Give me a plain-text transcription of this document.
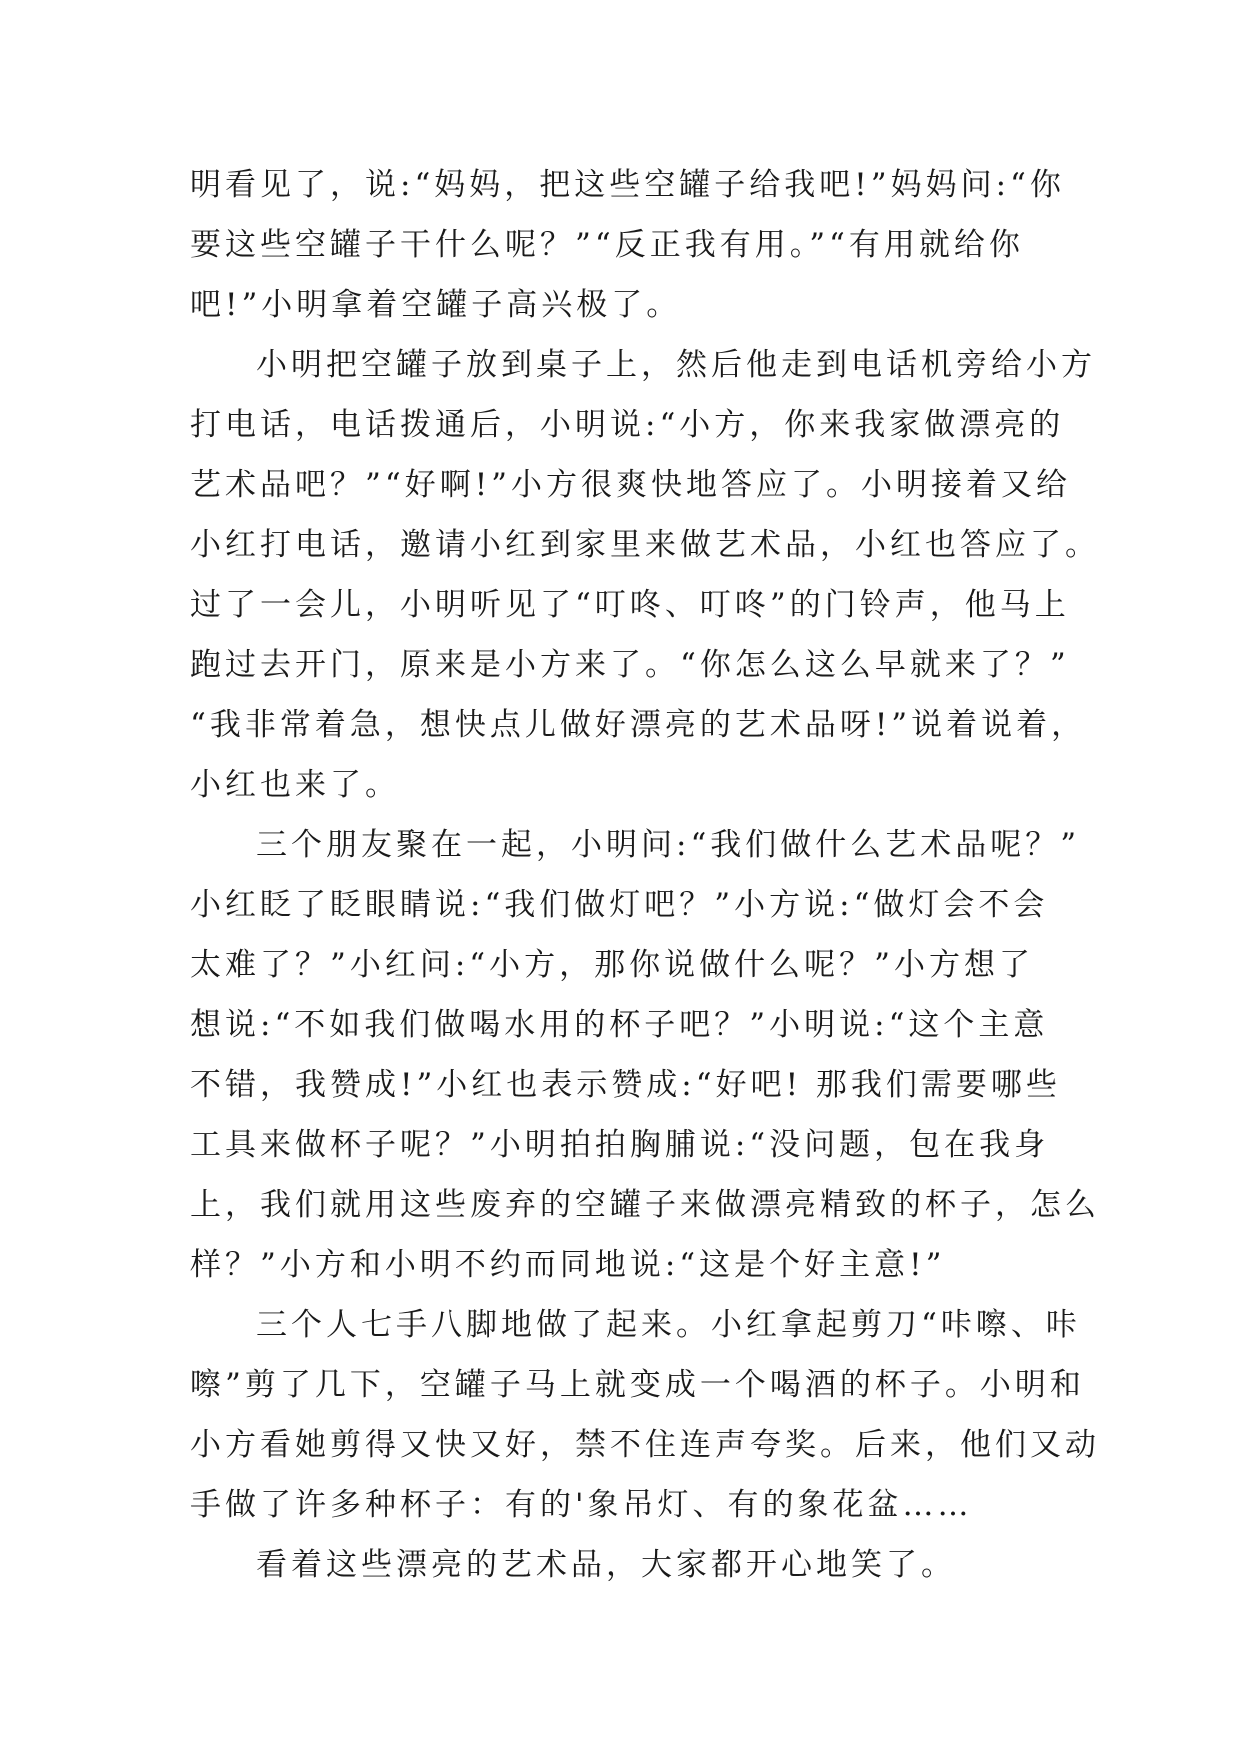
明看见了，说:“妈妈，把这些空罐子给我吧!”妈妈问:“你
要这些空罐子干什么呢？”“反正我有用。”“有用就给你
吧!”小明拿着空罐子高兴极了。
小明把空罐子放到桌子上，然后他走到电话机旁给小方
打电话，电话拨通后，小明说:“小方，你来我家做漂亮的
艺术品吧？”“好啊!”小方很爽快地答应了。小明接着又给
小红打电话，邀请小红到家里来做艺术品，小红也答应了。
过了一会儿，小明听见了“叮咚、叮咚”的门铃声，他马上
跑过去开门，原来是小方来了。“你怎么这么早就来了？”
“我非常着急，想快点儿做好漂亮的艺术品呀!”说着说着，
小红也来了。
三个朋友聚在一起，小明问:“我们做什么艺术品呢？”
小红眨了眨眼睛说:“我们做灯吧？”小方说:“做灯会不会
太难了？”小红问:“小方，那你说做什么呢？”小方想了
想说:“不如我们做喝水用的杯子吧？”小明说:“这个主意
不错，我赞成!”小红也表示赞成:“好吧! 那我们需要哪些
工具来做杯子呢？”小明拍拍胸脯说:“没问题，包在我身
上，我们就用这些废弃的空罐子来做漂亮精致的杯子，怎么
样？”小方和小明不约而同地说:“这是个好主意!”
三个人七手八脚地做了起来。小红拿起剪刀“咔嚓、咔
嚓”剪了几下，空罐子马上就变成一个喝酒的杯子。小明和
小方看她剪得又快又好，禁不住连声夸奖。后来，他们又动
手做了许多种杯子：有的'象吊灯、有的象花盆……
看着这些漂亮的艺术品，大家都开心地笑了。
